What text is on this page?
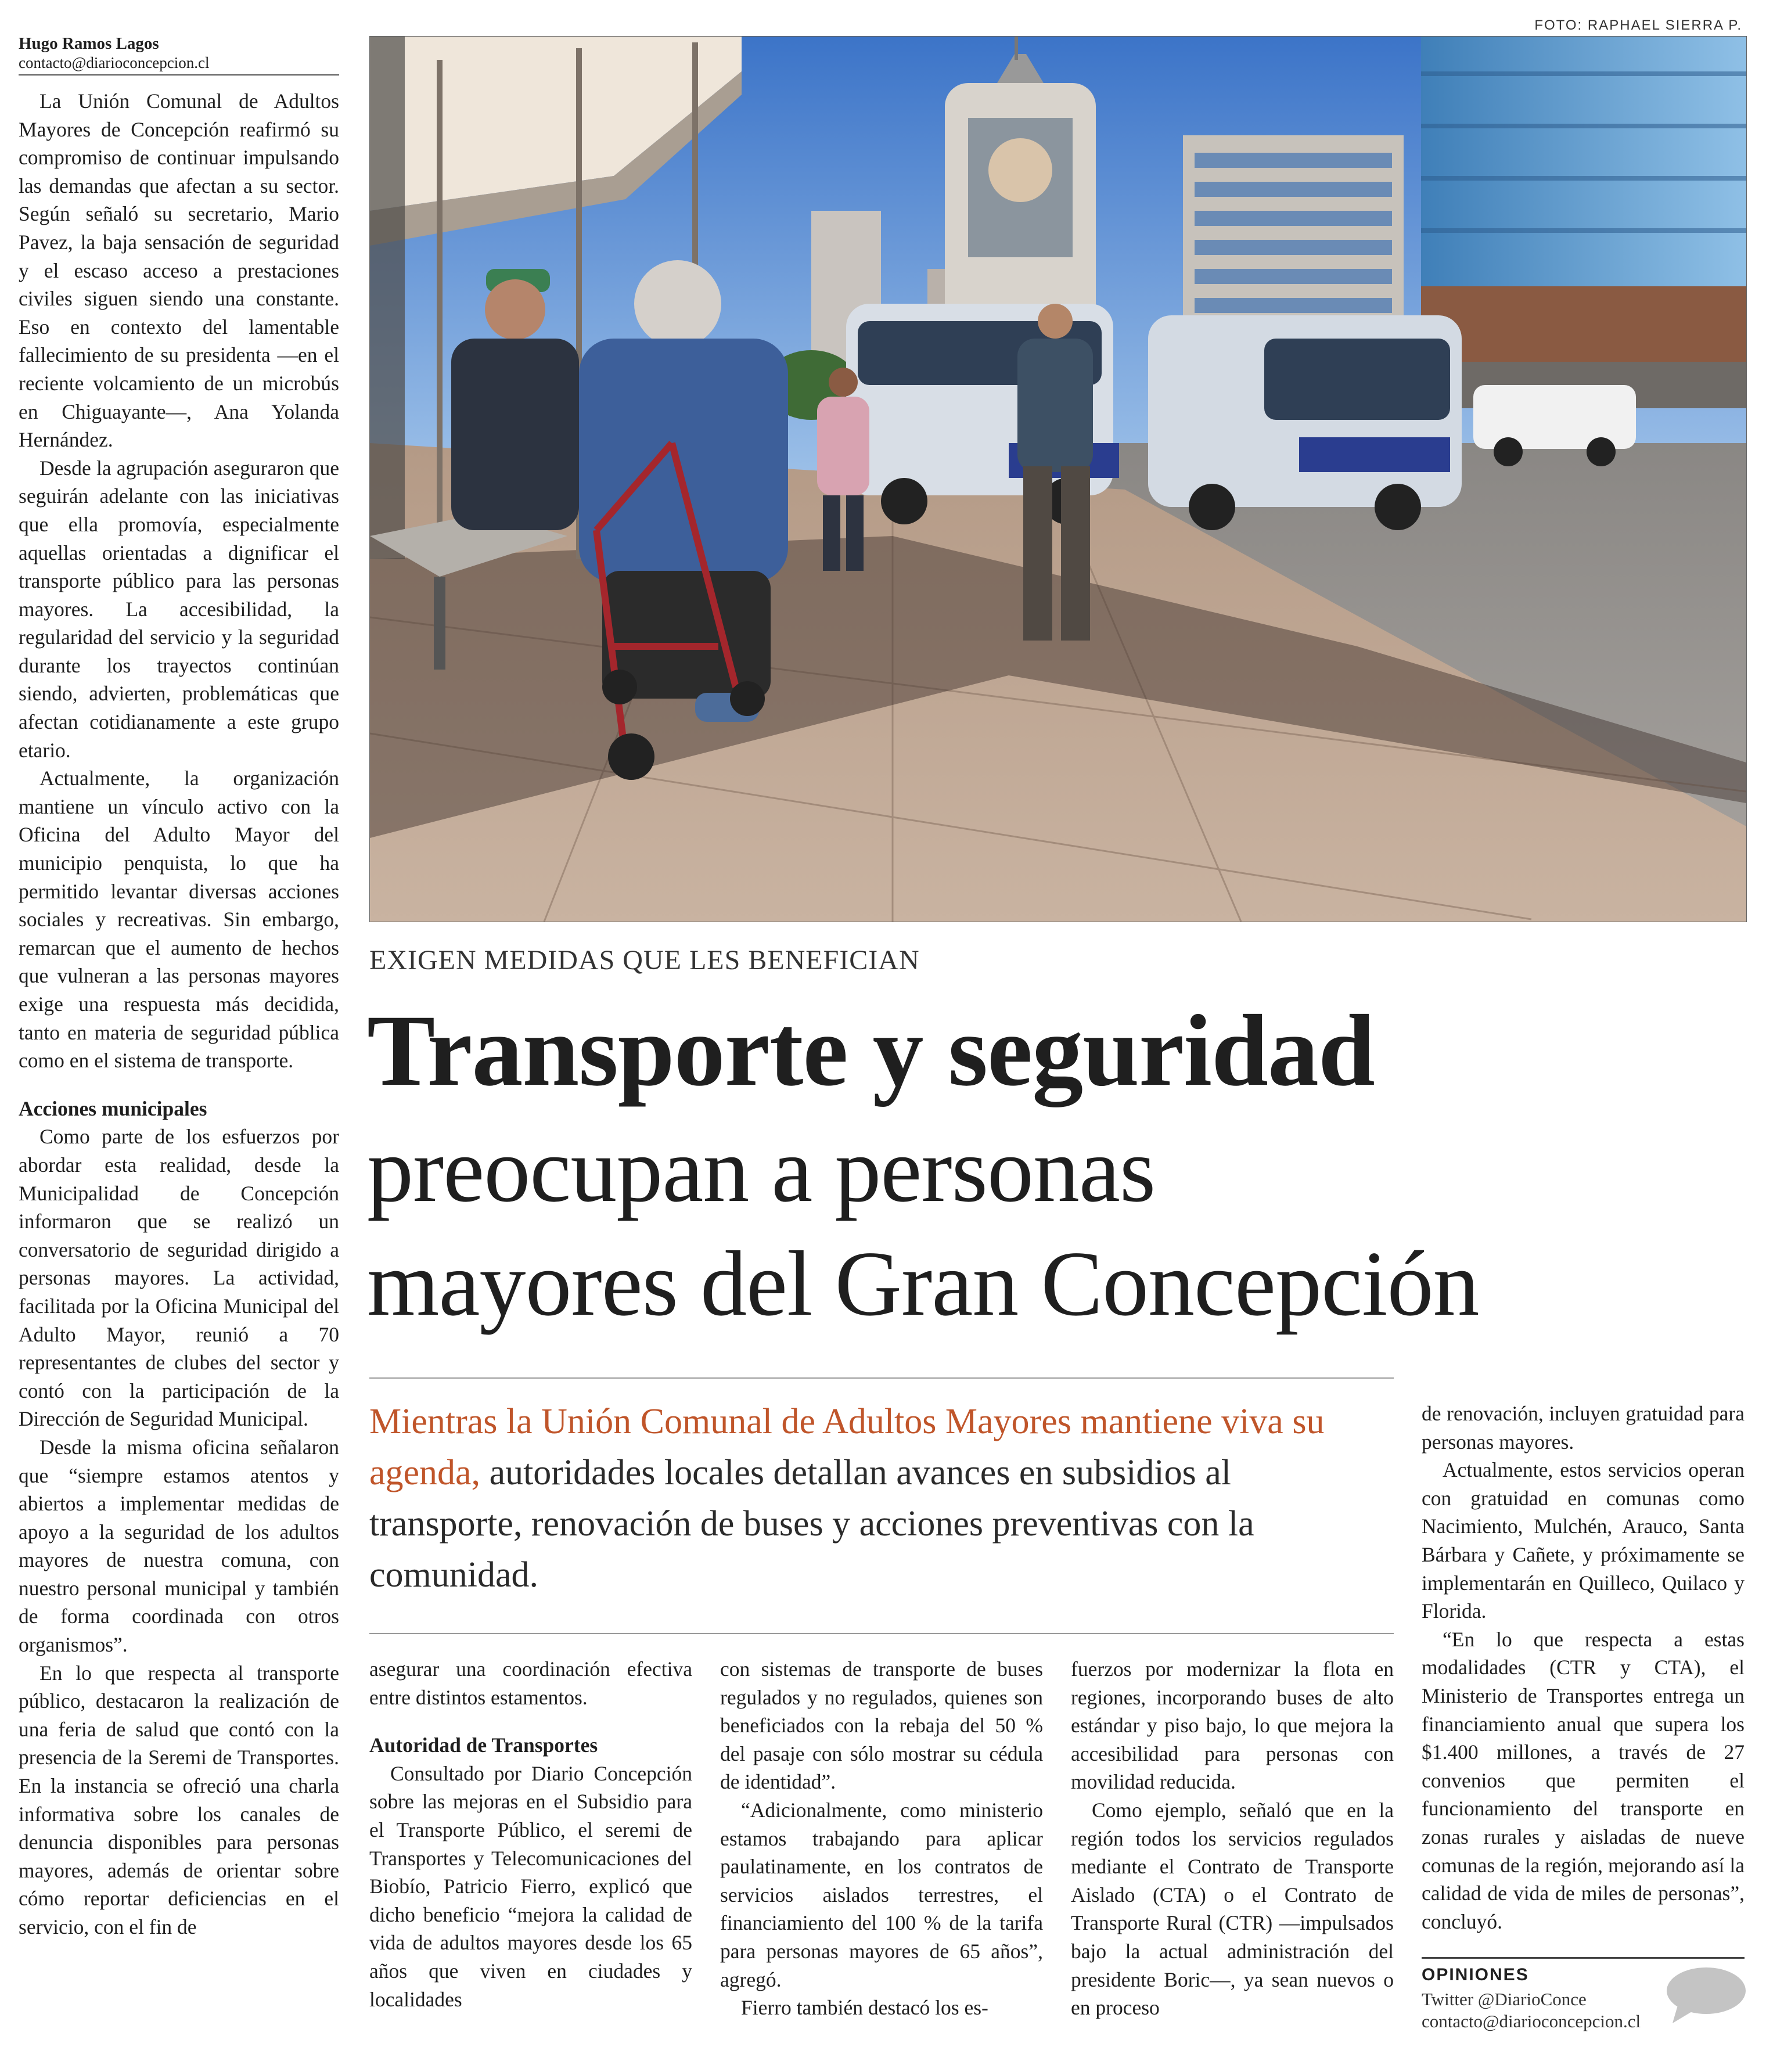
Hugo Ramos Lagos
contacto@diarioconcepcion.cl

La Unión Comunal de Adultos Mayores de Concepción reafirmó su compromiso de continuar impulsando las demandas que afectan a su sector. Según señaló su secretario, Mario Pavez, la baja sensación de seguridad y el escaso acceso a prestaciones civiles siguen siendo una constante. Eso en contexto del lamentable fallecimiento de su presidenta —en el reciente volcamiento de un microbús en Chiguayante—, Ana Yolanda Hernández.

Desde la agrupación aseguraron que seguirán adelante con las iniciativas que ella promovía, especialmente aquellas orientadas a dignificar el transporte público para las personas mayores. La accesibilidad, la regularidad del servicio y la seguridad durante los trayectos continúan siendo, advierten, problemáticas que afectan cotidianamente a este grupo etario.

Actualmente, la organización mantiene un vínculo activo con la Oficina del Adulto Mayor del municipio penquista, lo que ha permitido levantar diversas acciones sociales y recreativas. Sin embargo, remarcan que el aumento de hechos que vulneran a las personas mayores exige una respuesta más decidida, tanto en materia de seguridad pública como en el sistema de transporte.

Acciones municipales

Como parte de los esfuerzos por abordar esta realidad, desde la Municipalidad de Concepción informaron que se realizó un conversatorio de seguridad dirigido a personas mayores. La actividad, facilitada por la Oficina Municipal del Adulto Mayor, reunió a 70 representantes de clubes del sector y contó con la participación de la Dirección de Seguridad Municipal.

Desde la misma oficina señalaron que “siempre estamos atentos y abiertos a implementar medidas de apoyo a la seguridad de los adultos mayores de nuestra comuna, con nuestro personal municipal y también de forma coordinada con otros organismos”.

En lo que respecta al transporte público, destacaron la realización de una feria de salud que contó con la presencia de la Seremi de Transportes. En la instancia se ofreció una charla informativa sobre los canales de denuncia disponibles para personas mayores, además de orientar sobre cómo reportar deficiencias en el servicio, con el fin de

FOTO: RAPHAEL SIERRA P.
EXIGEN MEDIDAS QUE LES BENEFICIAN
Transporte y seguridad
preocupan a personas
mayores del Gran Concepción
Mientras la Unión Comunal de Adultos Mayores mantiene viva su agenda, autoridades locales detallan avances en subsidios al transporte, renovación de buses y acciones preventivas con la comunidad.

asegurar una coordinación efectiva entre distintos estamentos.

Autoridad de Transportes

Consultado por Diario Concepción sobre las mejoras en el Subsidio para el Transporte Público, el seremi de Transportes y Telecomunicaciones del Biobío, Patricio Fierro, explicó que dicho beneficio “mejora la calidad de vida de adultos mayores desde los 65 años que viven en ciudades y localidades

con sistemas de transporte de buses regulados y no regulados, quienes son beneficiados con la rebaja del 50 % del pasaje con sólo mostrar su cédula de identidad”.

“Adicionalmente, como ministerio estamos trabajando para aplicar paulatinamente, en los contratos de servicios aislados terrestres, el financiamiento del 100 % de la tarifa para personas mayores de 65 años”, agregó.

Fierro también destacó los es-

fuerzos por modernizar la flota en regiones, incorporando buses de alto estándar y piso bajo, lo que mejora la accesibilidad para personas con movilidad reducida.

Como ejemplo, señaló que en la región todos los servicios regulados mediante el Contrato de Transporte Aislado (CTA) o el Contrato de Transporte Rural (CTR) —impulsados bajo la actual administración del presidente Boric—, ya sean nuevos o en proceso

de renovación, incluyen gratuidad para personas mayores.

Actualmente, estos servicios operan con gratuidad en comunas como Nacimiento, Mulchén, Arauco, Santa Bárbara y Cañete, y próximamente se implementarán en Quilleco, Quilaco y Florida.

“En lo que respecta a estas modalidades (CTR y CTA), el Ministerio de Transportes entrega un financiamiento anual que supera los $1.400 millones, a través de 27 convenios que permiten el funcionamiento del transporte en zonas rurales y aisladas de nueve comunas de la región, mejorando así la calidad de vida de miles de personas”, concluyó.

OPINIONES
Twitter @DiarioConce
contacto@diarioconcepcion.cl
